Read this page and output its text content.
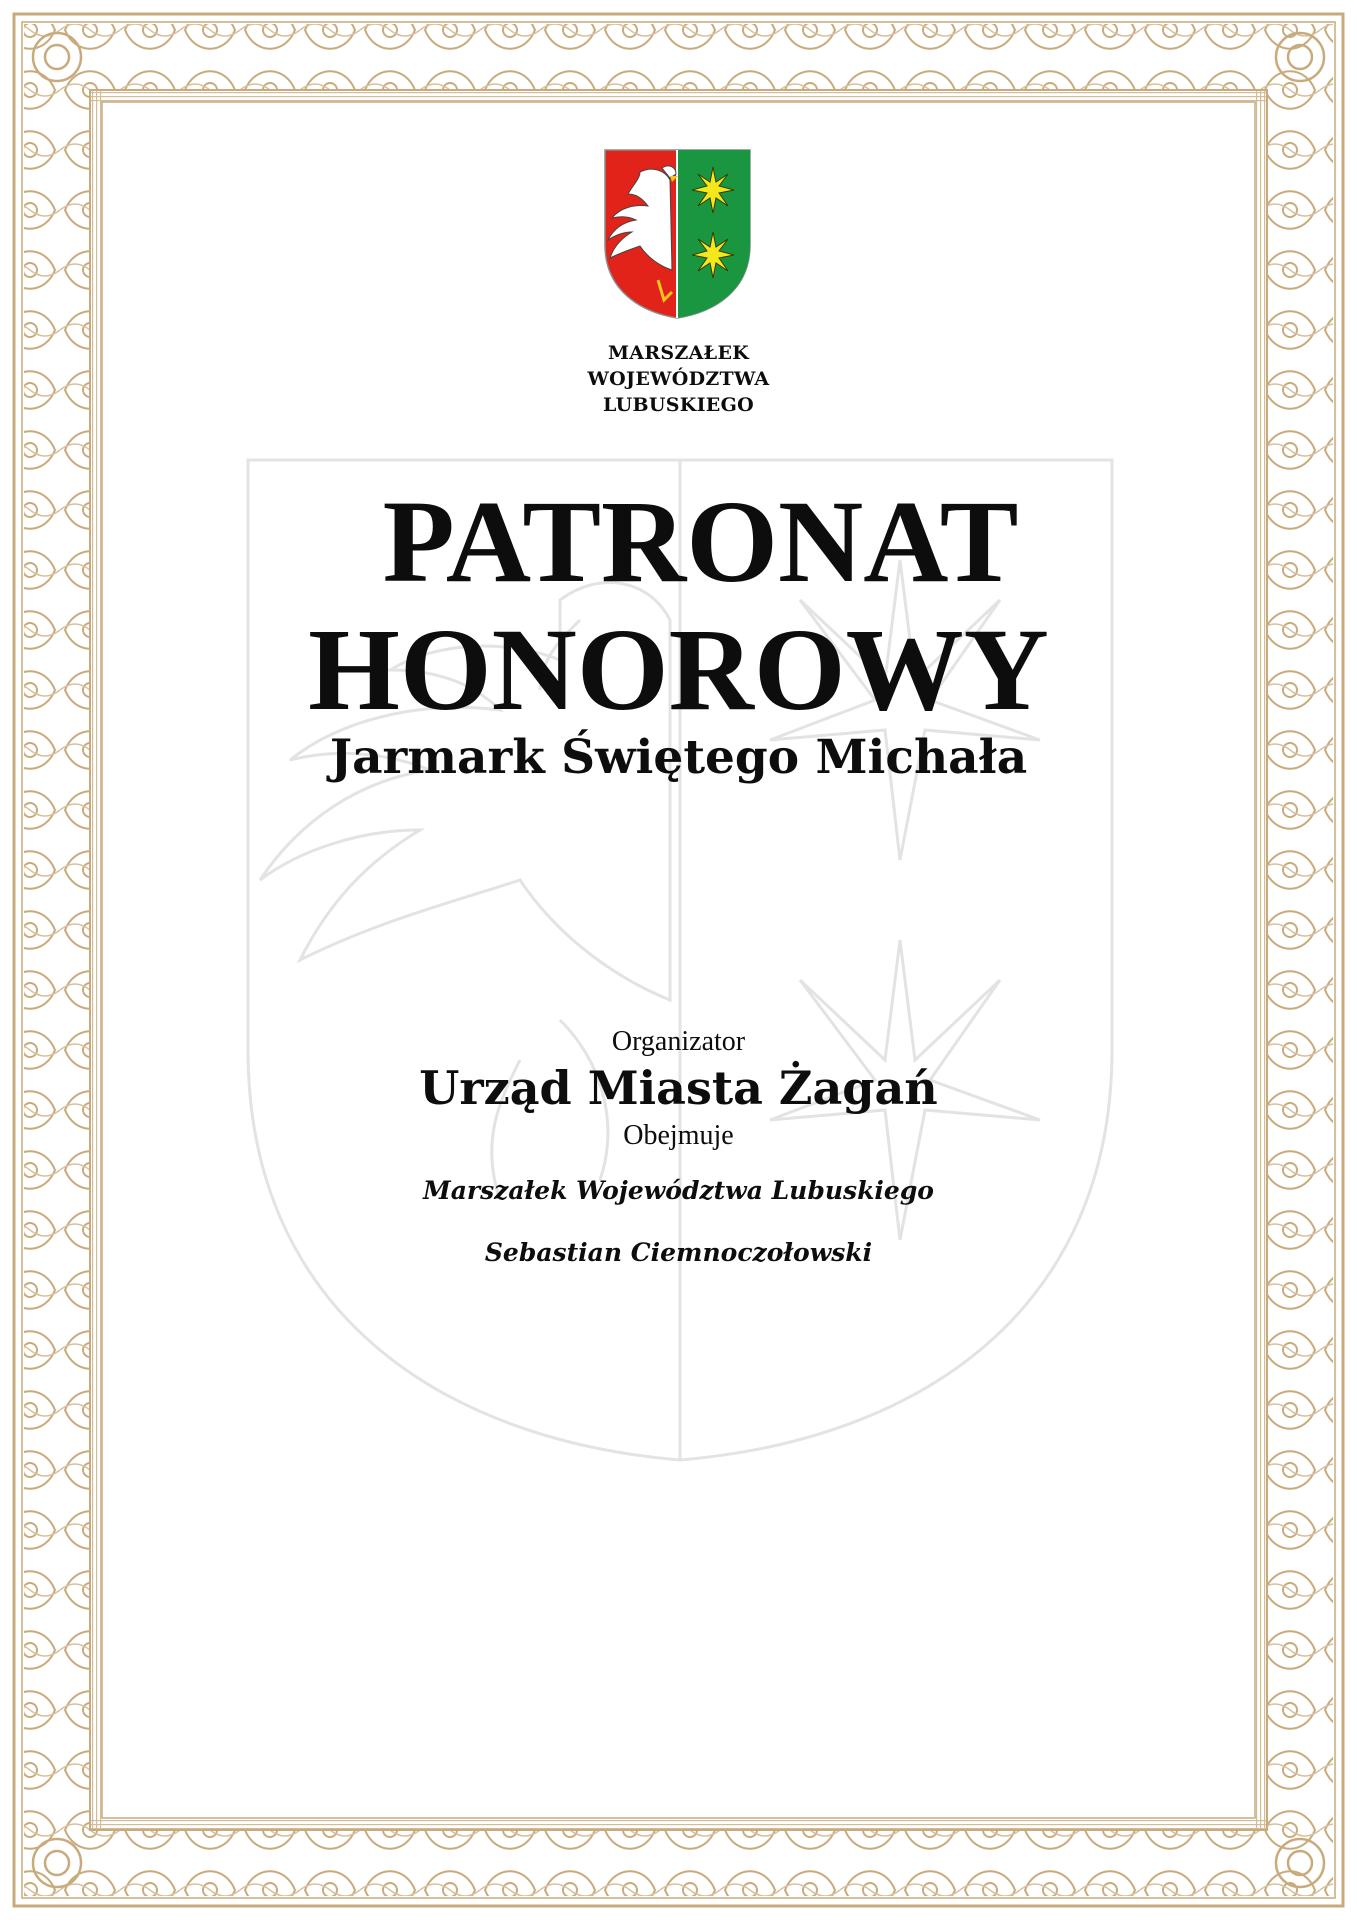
MARSZAŁEK
WOJEWÓDZTWA
LUBUSKIEGO
PATRONAT
HONOROWY
Jarmark Świętego Michała
Organizator
Urząd Miasta Żagań
Obejmuje
Marszałek Województwa Lubuskiego
Sebastian Ciemnoczołowski
